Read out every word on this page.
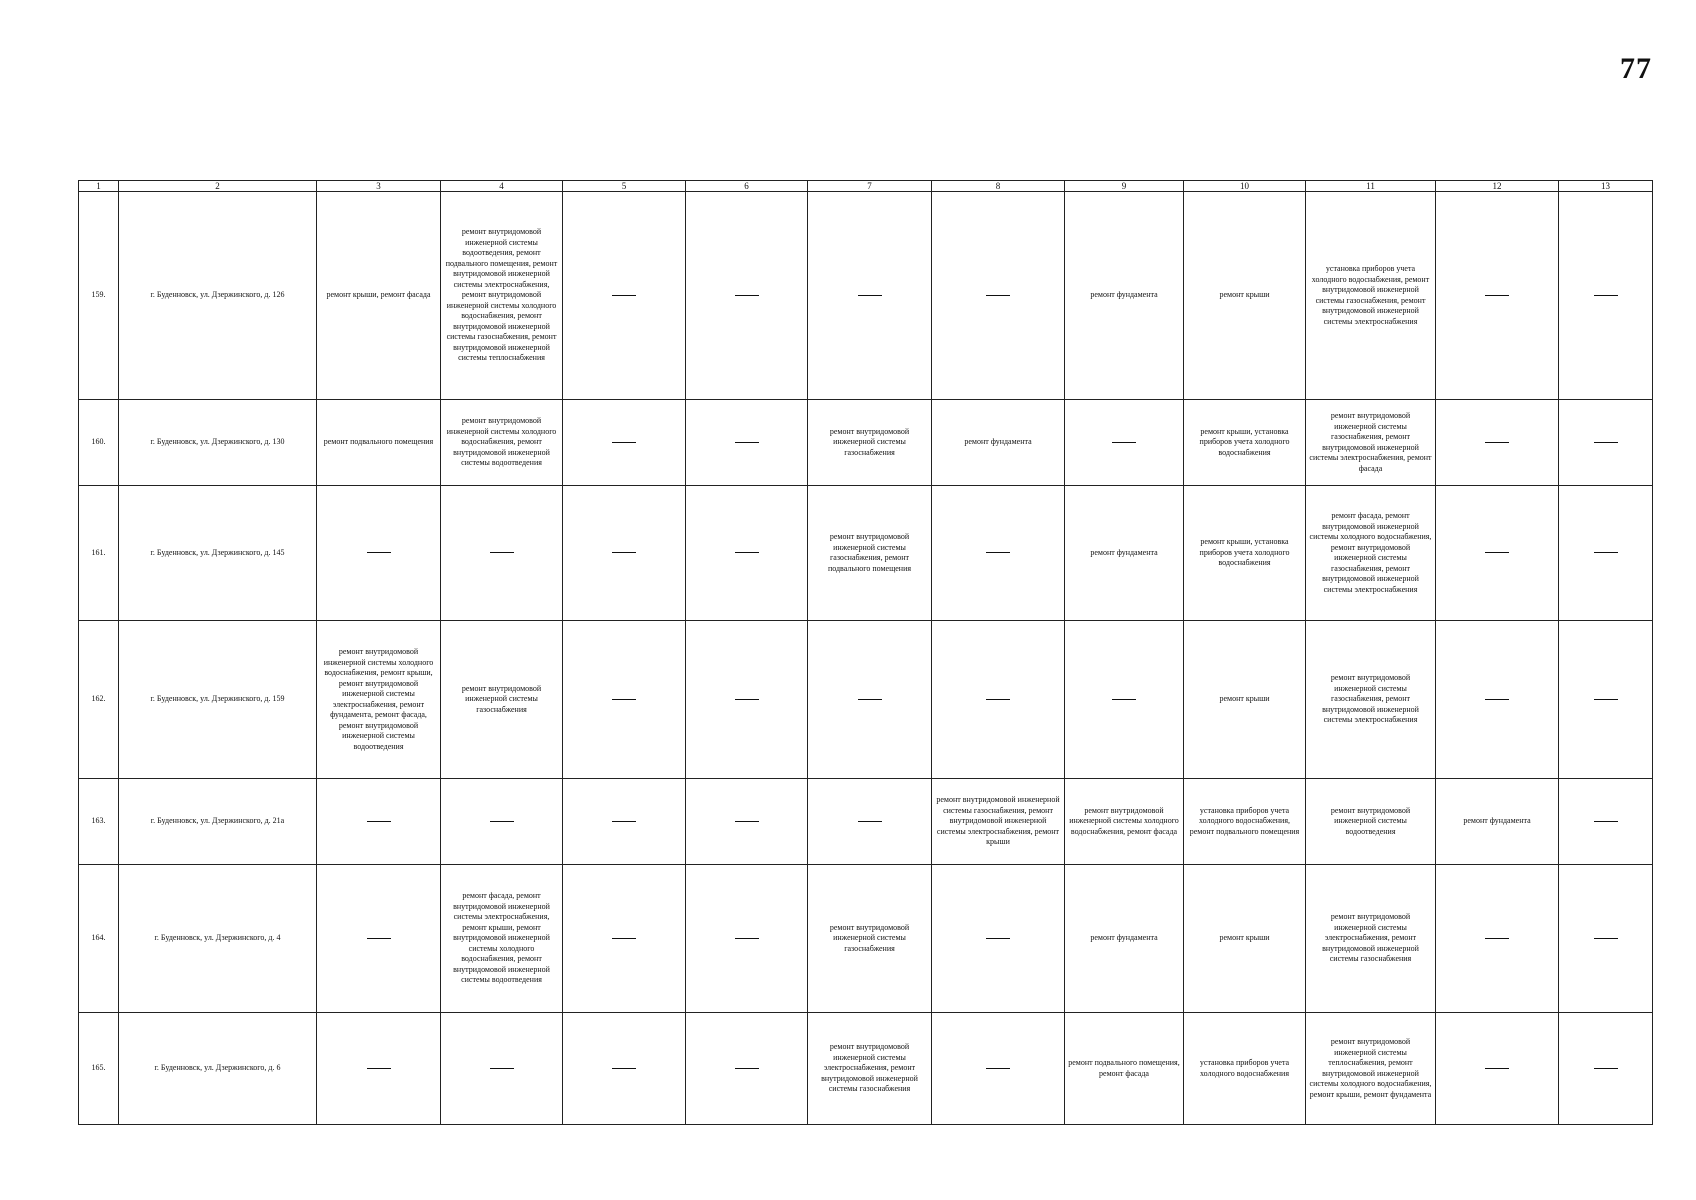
77
1	2	3	4	5	6	7	8	9	10	11	12	13
159.	г. Буденновск, ул. Дзержинского, д. 126	ремонт крыши, ремонт фасада	ремонт внутридомовой инженерной системы водоотведения, ремонт подвального помещения, ремонт внутридомовой инженерной системы электроснабжения, ремонт внутридомовой инженерной системы холодного водоснабжения, ремонт внутридомовой инженерной системы газоснабжения, ремонт внутридомовой инженерной системы теплоснабжения					ремонт фундамента	ремонт крыши	установка приборов учета холодного водоснабжения, ремонт внутридомовой инженерной системы газоснабжения, ремонт внутридомовой инженерной системы электроснабжения		

160.	г. Буденновск, ул. Дзержинского, д. 130	ремонт подвального помещения	ремонт внутридомовой инженерной системы холодного водоснабжения, ремонт внутридомовой инженерной системы водоотведения			ремонт внутридомовой инженерной системы газоснабжения	ремонт фундамента		ремонт крыши, установка приборов учета холодного водоснабжения	ремонт внутридомовой инженерной системы газоснабжения, ремонт внутридомовой инженерной системы электроснабжения, ремонт фасада		

161.	г. Буденновск, ул. Дзержинского, д. 145					ремонт внутридомовой инженерной системы газоснабжения, ремонт подвального помещения		ремонт фундамента	ремонт крыши, установка приборов учета холодного водоснабжения	ремонт фасада, ремонт внутридомовой инженерной системы холодного водоснабжения, ремонт внутридомовой инженерной системы газоснабжения, ремонт внутридомовой инженерной системы электроснабжения		

162.	г. Буденновск, ул. Дзержинского, д. 159	ремонт внутридомовой инженерной системы холодного водоснабжения, ремонт крыши, ремонт внутридомовой инженерной системы электроснабжения, ремонт фундамента, ремонт фасада, ремонт внутридомовой инженерной системы водоотведения	ремонт внутридомовой инженерной системы газоснабжения						ремонт крыши	ремонт внутридомовой инженерной системы газоснабжения, ремонт внутридомовой инженерной системы электроснабжения		

163.	г. Буденновск, ул. Дзержинского, д. 21а						ремонт внутридомовой инженерной системы газоснабжения, ремонт внутридомовой инженерной системы электроснабжения, ремонт крыши	ремонт внутридомовой инженерной системы холодного водоснабжения, ремонт фасада	установка приборов учета холодного водоснабжения, ремонт подвального помещения	ремонт внутридомовой инженерной системы водоотведения	ремонт фундамента	

164.	г. Буденновск, ул. Дзержинского, д. 4		ремонт фасада, ремонт внутридомовой инженерной системы электроснабжения, ремонт крыши, ремонт внутридомовой инженерной системы холодного водоснабжения, ремонт внутридомовой инженерной системы водоотведения			ремонт внутридомовой инженерной системы газоснабжения		ремонт фундамента	ремонт крыши	ремонт внутридомовой инженерной системы электроснабжения, ремонт внутридомовой инженерной системы газоснабжения		

165.	г. Буденновск, ул. Дзержинского, д. 6					ремонт внутридомовой инженерной системы электроснабжения, ремонт внутридомовой инженерной системы газоснабжения		ремонт подвального помещения, ремонт фасада	установка приборов учета холодного водоснабжения	ремонт внутридомовой инженерной системы теплоснабжения, ремонт внутридомовой инженерной системы холодного водоснабжения, ремонт крыши, ремонт фундамента		
